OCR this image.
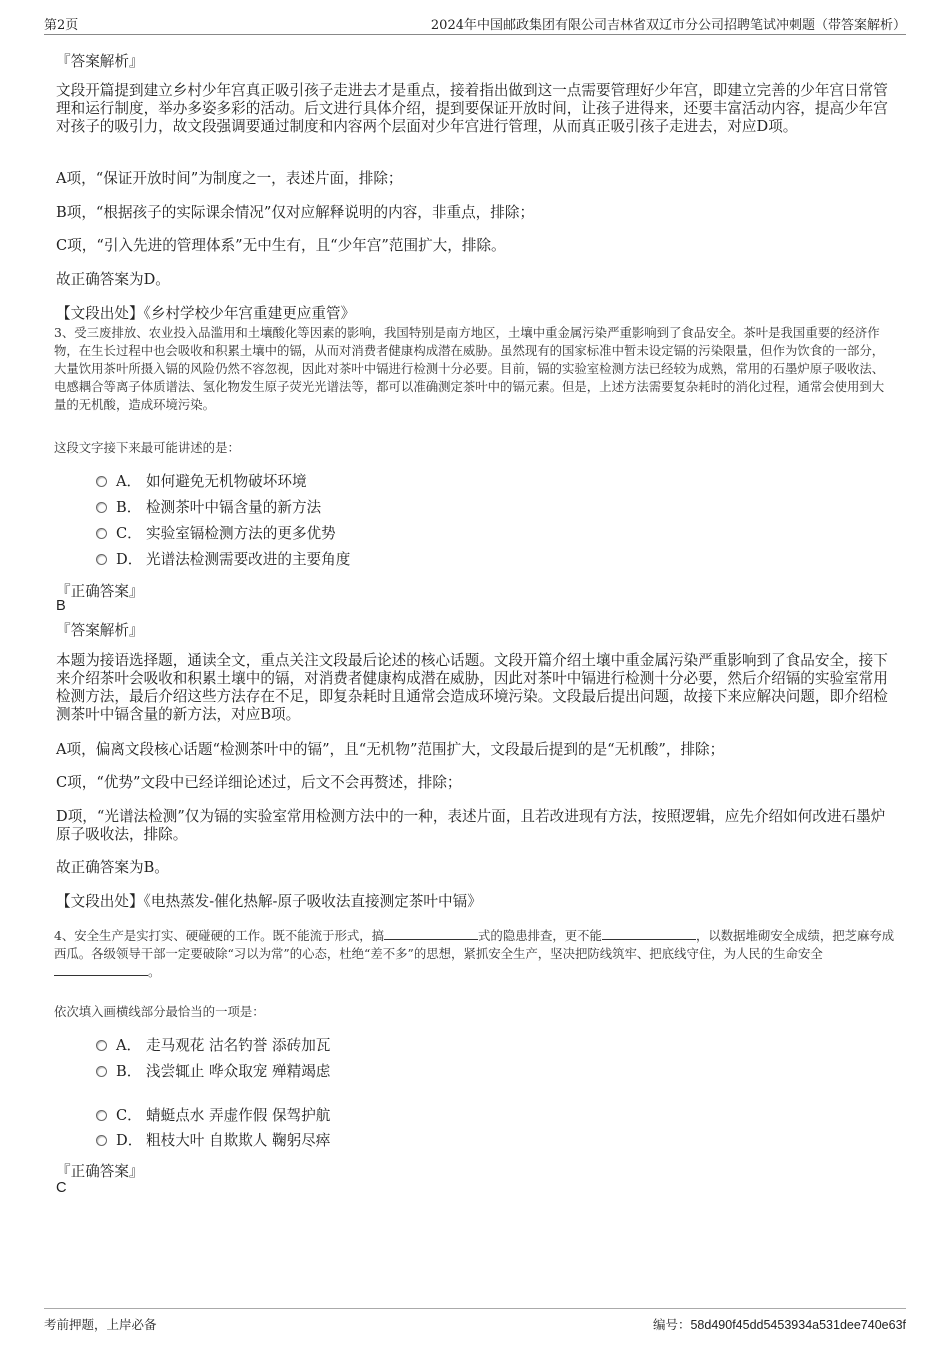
第2页	2024年中国邮政集团有限公司吉林省双辽市分公司招聘笔试冲刺题（带答案解析）
『答案解析』

文段开篇提到建立乡村少年宫真正吸引孩子走进去才是重点，接着指出做到这一点需要管理好少年宫，即建立完善的少年宫日常管理和运行制度，举办多姿多彩的活动。后文进行具体介绍，提到要保证开放时间，让孩子进得来，还要丰富活动内容，提高少年宫对孩子的吸引力，故文段强调要通过制度和内容两个层面对少年宫进行管理，从而真正吸引孩子走进去，对应D项。

A项，“保证开放时间”为制度之一，表述片面，排除；

B项，“根据孩子的实际课余情况”仅对应解释说明的内容，非重点，排除；

C项，“引入先进的管理体系”无中生有，且“少年宫”范围扩大，排除。

故正确答案为D。

【文段出处】《乡村学校少年宫重建更应重管》

3、受三废排放、农业投入品滥用和土壤酸化等因素的影响，我国特别是南方地区，土壤中重金属污染严重影响到了食品安全。茶叶是我国重要的经济作物，在生长过程中也会吸收和积累土壤中的镉，从而对消费者健康构成潜在威胁。虽然现有的国家标准中暂未设定镉的污染限量，但作为饮食的一部分，大量饮用茶叶所摄入镉的风险仍然不容忽视，因此对茶叶中镉进行检测十分必要。目前，镉的实验室检测方法已经较为成熟，常用的石墨炉原子吸收法、电感耦合等离子体质谱法、氢化物发生原子荧光光谱法等，都可以准确测定茶叶中的镉元素。但是，上述方法需要复杂耗时的消化过程，通常会使用到大量的无机酸，造成环境污染。

这段文字接下来最可能讲述的是：
A． 如何避免无机物破坏环境
B． 检测茶叶中镉含量的新方法
C． 实验室镉检测方法的更多优势
D． 光谱法检测需要改进的主要角度
『正确答案』
B
『答案解析』

本题为接语选择题，通读全文，重点关注文段最后论述的核心话题。文段开篇介绍土壤中重金属污染严重影响到了食品安全，接下来介绍茶叶会吸收和积累土壤中的镉，对消费者健康构成潜在威胁，因此对茶叶中镉进行检测十分必要，然后介绍镉的实验室常用检测方法，最后介绍这些方法存在不足，即复杂耗时且通常会造成环境污染。文段最后提出问题，故接下来应解决问题，即介绍检测茶叶中镉含量的新方法，对应B项。

A项，偏离文段核心话题“检测茶叶中的镉”，且“无机物”范围扩大，文段最后提到的是“无机酸”，排除；

C项，“优势”文段中已经详细论述过，后文不会再赘述，排除；

D项，“光谱法检测”仅为镉的实验室常用检测方法中的一种，表述片面，且若改进现有方法，按照逻辑，应先介绍如何改进石墨炉原子吸收法，排除。

故正确答案为B。

【文段出处】《电热蒸发-催化热解-原子吸收法直接测定茶叶中镉》

4、安全生产是实打实、硬碰硬的工作。既不能流于形式，搞	式的隐患排查，更不能	，以数据堆砌安全成绩，把芝麻夸成西瓜。各级领导干部一定要破除“习以为常”的心态，杜绝“差不多”的思想，紧抓安全生产，坚决把防线筑牢、把底线守住，为人民的生命安全。

依次填入画横线部分最恰当的一项是：
A． 走马观花 沽名钓誉 添砖加瓦
B． 浅尝辄止 哗众取宠 殚精竭虑
C． 蜻蜓点水 弄虚作假 保驾护航
D． 粗枝大叶 自欺欺人 鞠躬尽瘁
『正确答案』
C
考前押题，上岸必备	编号：58d490f45dd5453934a531dee740e63f
